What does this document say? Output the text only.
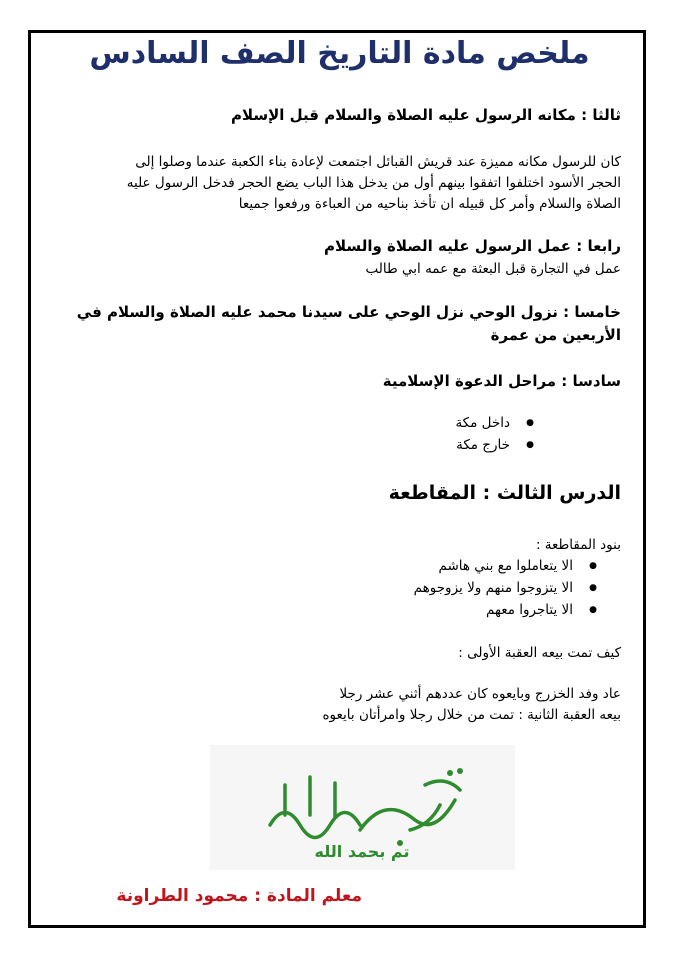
ملخص مادة التاريخ الصف السادس
ثالثا : مكانه الرسول عليه الصلاة والسلام قبل الإسلام
كان للرسول مكانه مميزة عند قريش القبائل اجتمعت لإعادة بناء الكعبة عندما وصلوا إلى
الحجر الأسود اختلفوا اتفقوا بينهم أول من يدخل هذا الباب يضع الحجر فدخل الرسول عليه
الصلاة والسلام وأمر كل قبيله ان تأخذ بناحيه من العباءة ورفعوا جميعا
رابعا : عمل الرسول عليه الصلاة والسلام
عمل في التجارة قبل البعثة مع عمه ابي طالب
خامسا : نزول الوحي نزل الوحي على سيدنا محمد عليه الصلاة والسلام في
الأربعين من عمرة
سادسا : مراحل الدعوة الإسلامية
● داخل مكة
● خارج مكة
الدرس الثالث : المقاطعة
بنود المقاطعة :
● الا يتعاملوا مع بني هاشم
● الا يتزوجوا منهم ولا يزوجوهم
● الا يتاجروا معهم
كيف تمت بيعه العقبة الأولى :
عاد وفد الخزرج وبايعوه كان عددهم أثني عشر رجلا
بيعه العقبة الثانية : تمت من خلال رجلا وامرأتان بايعوه
تم بحمد الله
معلم المادة : محمود الطراونة
